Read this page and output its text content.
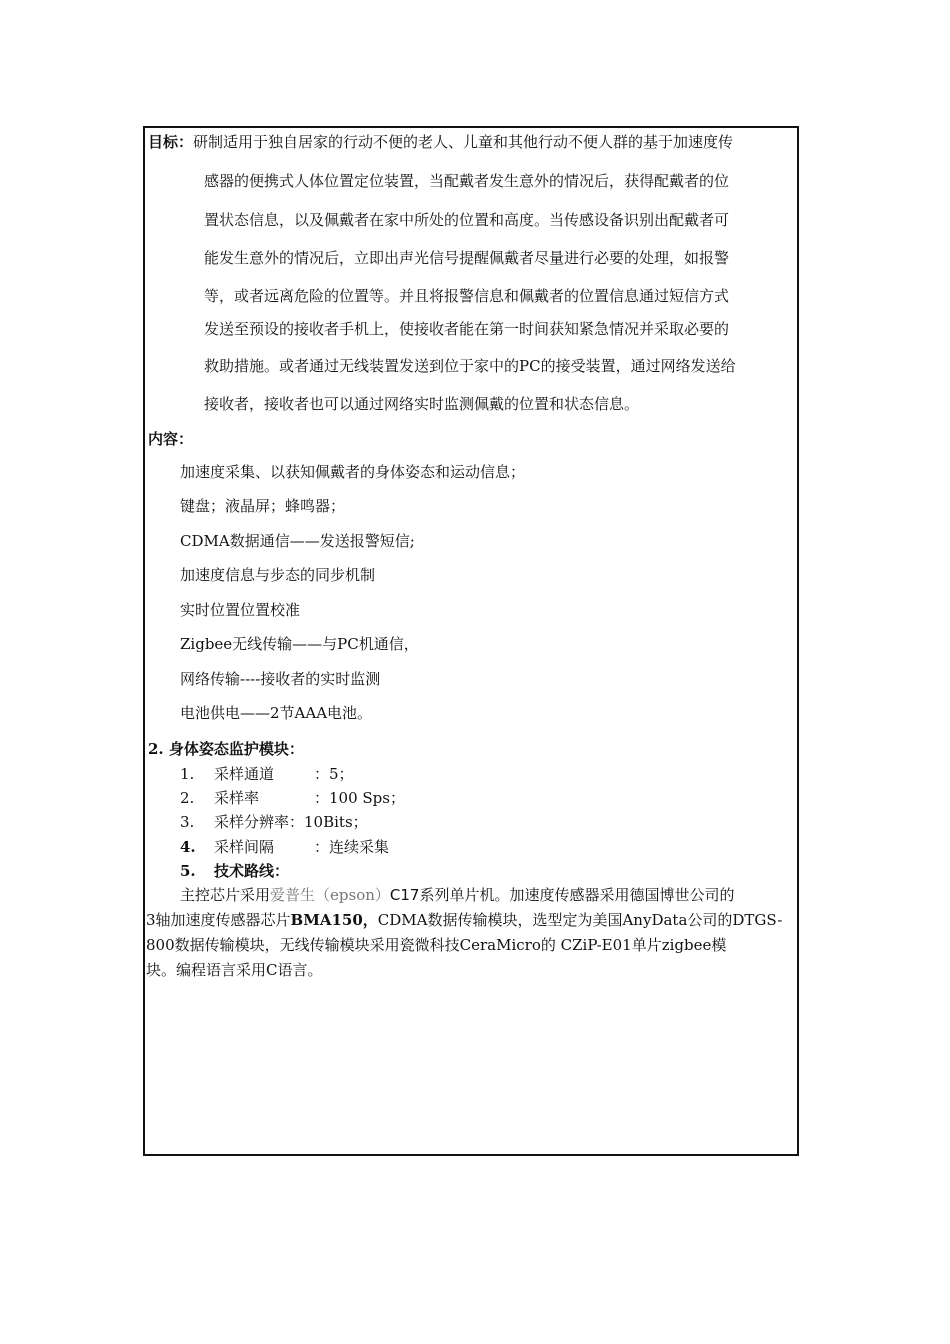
目标：研制适用于独自居家的行动不便的老人、儿童和其他行动不便人群的基于加速度传
感器的便携式人体位置定位装置，当配戴者发生意外的情况后，获得配戴者的位
置状态信息，以及佩戴者在家中所处的位置和高度。当传感设备识别出配戴者可
能发生意外的情况后，立即出声光信号提醒佩戴者尽量进行必要的处理，如报警
等，或者远离危险的位置等。并且将报警信息和佩戴者的位置信息通过短信方式
发送至预设的接收者手机上，使接收者能在第一时间获知紧急情况并采取必要的
救助措施。或者通过无线装置发送到位于家中的PC的接受装置，通过网络发送给
接收者，接收者也可以通过网络实时监测佩戴的位置和状态信息。
内容：
加速度采集、以获知佩戴者的身体姿态和运动信息；
键盘；液晶屏；蜂鸣器；
CDMA数据通信——发送报警短信;
加速度信息与步态的同步机制
实时位置位置校准
Zigbee无线传输——与PC机通信，
网络传输----接收者的实时监测
电池供电——2节AAA电池。
2. 身体姿态监护模块：
1. 采样通道	：5；
2. 采样率	：100 Sps；
3. 采样分辨率：10Bits；
4. 采样间隔	：连续采集
5. 技术路线：
主控芯片采用爱普生（epson）C17系列单片机。加速度传感器采用德国博世公司的
3轴加速度传感器芯片BMA150，CDMA数据传输模块，选型定为美国AnyData公司的DTGS-
800数据传输模块，无线传输模块采用瓷微科技CeraMicro的 CZiP-E01单片zigbee模
块。编程语言采用C语言。
